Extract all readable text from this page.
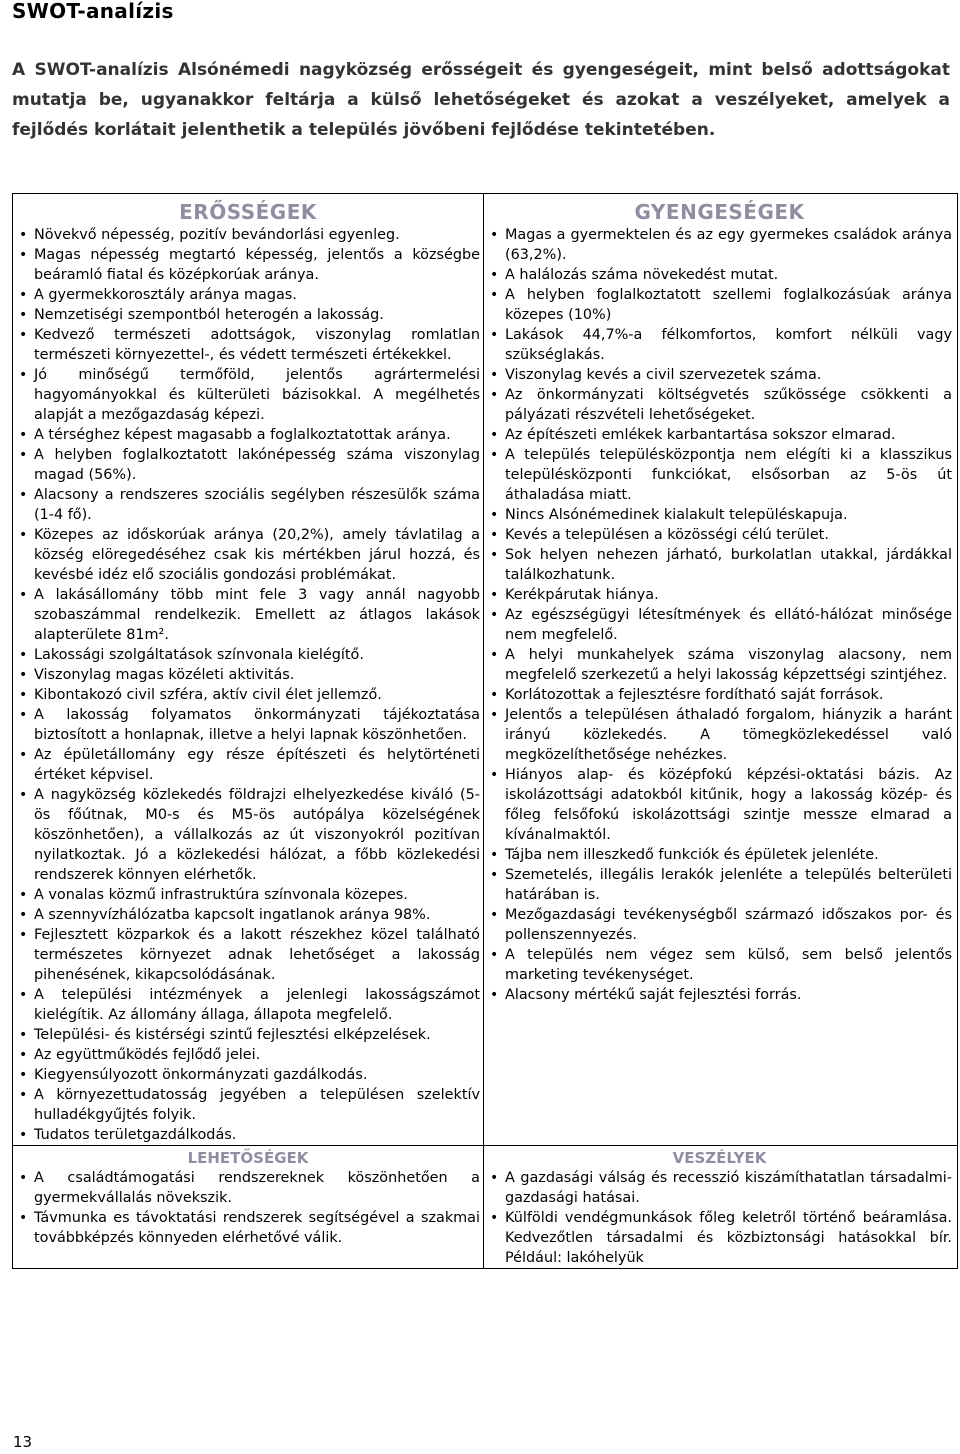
SWOT-analízis
A SWOT-analízis Alsónémedi nagyközség erősségeit és gyengeségeit, mint belső adottságokat mutatja be, ugyanakkor feltárja a külső lehetőségeket és azokat a veszélyeket, amelyek a fejlődés korlátait jelenthetik a település jövőbeni fejlődése tekintetében.
ERŐSSÉGEK
• Növekvő népesség, pozitív bevándorlási egyenleg.
• Magas népesség megtartó képesség, jelentős a községbe beáramló fiatal és középkorúak aránya.
• A gyermekkorosztály aránya magas.
• Nemzetiségi szempontból heterogén a lakosság.
• Kedvező természeti adottságok, viszonylag romlatlan természeti környezettel-, és védett természeti értékekkel.
• Jó minőségű termőföld, jelentős agrártermelési hagyományokkal és külterületi bázisokkal. A megélhetés alapját a mezőgazdaság képezi.
• A térséghez képest magasabb a foglalkoztatottak aránya.
• A helyben foglalkoztatott lakónépesség száma viszonylag magad (56%).
• Alacsony a rendszeres szociális segélyben részesülők száma (1-4 fő).
• Közepes az időskorúak aránya (20,2%), amely távlatilag a község elöregedéséhez csak kis mértékben járul hozzá, és kevésbé idéz elő szociális gondozási problémákat.
• A lakásállomány több mint fele 3 vagy annál nagyobb szobaszámmal rendelkezik. Emellett az átlagos lakások alapterülete 81m².
• Lakossági szolgáltatások színvonala kielégítő.
• Viszonylag magas közéleti aktivitás.
• Kibontakozó civil szféra, aktív civil élet jellemző.
• A lakosság folyamatos önkormányzati tájékoztatása biztosított a honlapnak, illetve a helyi lapnak köszönhetően.
• Az épületállomány egy része építészeti és helytörténeti értéket képvisel.
• A nagyközség közlekedés földrajzi elhelyezkedése kiváló (5-ös főútnak, M0-s és M5-ös autópálya közelségének köszönhetően), a vállalkozás az út viszonyokról pozitívan nyilatkoztak. Jó a közlekedési hálózat, a főbb közlekedési rendszerek könnyen elérhetők.
• A vonalas közmű infrastruktúra színvonala közepes.
• A szennyvízhálózatba kapcsolt ingatlanok aránya 98%.
• Fejlesztett közparkok és a lakott részekhez közel található természetes környezet adnak lehetőséget a lakosság pihenésének, kikapcsolódásának.
• A települési intézmények a jelenlegi lakosságszámot kielégítik. Az állomány állaga, állapota megfelelő.
• Települési- és kistérségi szintű fejlesztési elképzelések.
• Az együttműködés fejlődő jelei.
• Kiegyensúlyozott önkormányzati gazdálkodás.
• A környezettudatosság jegyében a településen szelektív hulladékgyűjtés folyik.
• Tudatos területgazdálkodás.
GYENGESÉGEK
• Magas a gyermektelen és az egy gyermekes családok aránya (63,2%).
• A halálozás száma növekedést mutat.
• A helyben foglalkoztatott szellemi foglalkozásúak aránya közepes (10%)
• Lakások 44,7%-a félkomfortos, komfort nélküli vagy szükséglakás.
• Viszonylag kevés a civil szervezetek száma.
• Az önkormányzati költségvetés szűkössége csökkenti a pályázati részvételi lehetőségeket.
• Az építészeti emlékek karbantartása sokszor elmarad.
• A település településközpontja nem elégíti ki a klasszikus településközponti funkciókat, elsősorban az 5-ös út áthaladása miatt.
• Nincs Alsónémedinek kialakult településkapuja.
• Kevés a településen a közösségi célú terület.
• Sok helyen nehezen járható, burkolatlan utakkal, járdákkal találkozhatunk.
• Kerékpárutak hiánya.
• Az egészségügyi létesítmények és ellátó-hálózat minősége nem megfelelő.
• A helyi munkahelyek száma viszonylag alacsony, nem megfelelő szerkezetű a helyi lakosság képzettségi szintjéhez.
• Korlátozottak a fejlesztésre fordítható saját források.
• Jelentős a településen áthaladó forgalom, hiányzik a haránt irányú közlekedés. A tömegközlekedéssel való megközelíthetősége nehézkes.
• Hiányos alap- és középfokú képzési-oktatási bázis. Az iskolázottsági adatokból kitűnik, hogy a lakosság közép- és főleg felsőfokú iskolázottsági szintje messze elmarad a kívánalmaktól.
• Tájba nem illeszkedő funkciók és épületek jelenléte.
• Szemetelés, illegális lerakók jelenléte a település belterületi határában is.
• Mezőgazdasági tevékenységből származó időszakos por- és pollenszennyezés.
• A település nem végez sem külső, sem belső jelentős marketing tevékenységet.
• Alacsony mértékű saját fejlesztési forrás.
LEHETŐSÉGEK
• A családtámogatási rendszereknek köszönhetően a gyermekvállalás növekszik.
• Távmunka es távoktatási rendszerek segítségével a szakmai továbbképzés könnyeden elérhetővé válik.
VESZÉLYEK
• A gazdasági válság és recesszió kiszámíthatatlan társadalmi- gazdasági hatásai.
• Külföldi vendégmunkások főleg keletről történő beáramlása. Kedvezőtlen társadalmi és közbiztonsági hatásokkal bír. Például: lakóhelyük
13
